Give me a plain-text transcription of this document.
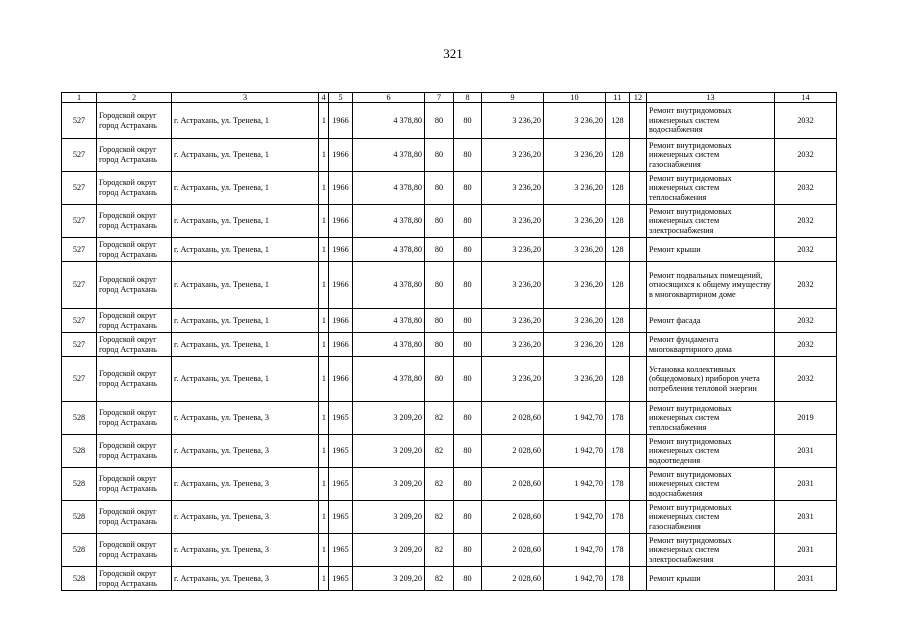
321
1	2	3	4	5	6	7	8	9	10	11	12	13	14
527	Городской округ город Астрахань	г. Астрахань, ул. Тренева, 1	1	1966	4 378,80	80	80	3 236,20	3 236,20	128		Ремонт внутридомовых инженерных систем водоснабжения	2032
527	Городской округ город Астрахань	г. Астрахань, ул. Тренева, 1	1	1966	4 378,80	80	80	3 236,20	3 236,20	128		Ремонт внутридомовых инженерных систем газоснабжения	2032
527	Городской округ город Астрахань	г. Астрахань, ул. Тренева, 1	1	1966	4 378,80	80	80	3 236,20	3 236,20	128		Ремонт внутридомовых инженерных систем теплоснабжения	2032
527	Городской округ город Астрахань	г. Астрахань, ул. Тренева, 1	1	1966	4 378,80	80	80	3 236,20	3 236,20	128		Ремонт внутридомовых инженерных систем электроснабжения	2032
527	Городской округ город Астрахань	г. Астрахань, ул. Тренева, 1	1	1966	4 378,80	80	80	3 236,20	3 236,20	128		Ремонт крыши	2032
527	Городской округ город Астрахань	г. Астрахань, ул. Тренева, 1	1	1966	4 378,80	80	80	3 236,20	3 236,20	128		Ремонт подвальных помещений, относящихся к общему имуществу в многоквартирном доме	2032
527	Городской округ город Астрахань	г. Астрахань, ул. Тренева, 1	1	1966	4 378,80	80	80	3 236,20	3 236,20	128		Ремонт фасада	2032
527	Городской округ город Астрахань	г. Астрахань, ул. Тренева, 1	1	1966	4 378,80	80	80	3 236,20	3 236,20	128		Ремонт фундамента многоквартирного дома	2032
527	Городской округ город Астрахань	г. Астрахань, ул. Тренева, 1	1	1966	4 378,80	80	80	3 236,20	3 236,20	128		Установка коллективных (общедомовых) приборов учета потребления тепловой энергии	2032
528	Городской округ город Астрахань	г. Астрахань, ул. Тренева, 3	1	1965	3 209,20	82	80	2 028,60	1 942,70	178		Ремонт внутридомовых инженерных систем теплоснабжения	2019
528	Городской округ город Астрахань	г. Астрахань, ул. Тренева, 3	1	1965	3 209,20	82	80	2 028,60	1 942,70	178		Ремонт внутридомовых инженерных систем водоотведения	2031
528	Городской округ город Астрахань	г. Астрахань, ул. Тренева, 3	1	1965	3 209,20	82	80	2 028,60	1 942,70	178		Ремонт внутридомовых инженерных систем водоснабжения	2031
528	Городской округ город Астрахань	г. Астрахань, ул. Тренева, 3	1	1965	3 209,20	82	80	2 028,60	1 942,70	178		Ремонт внутридомовых инженерных систем газоснабжения	2031
528	Городской округ город Астрахань	г. Астрахань, ул. Тренева, 3	1	1965	3 209,20	82	80	2 028,60	1 942,70	178		Ремонт внутридомовых инженерных систем электроснабжения	2031
528	Городской округ город Астрахань	г. Астрахань, ул. Тренева, 3	1	1965	3 209,20	82	80	2 028,60	1 942,70	178		Ремонт крыши	2031
